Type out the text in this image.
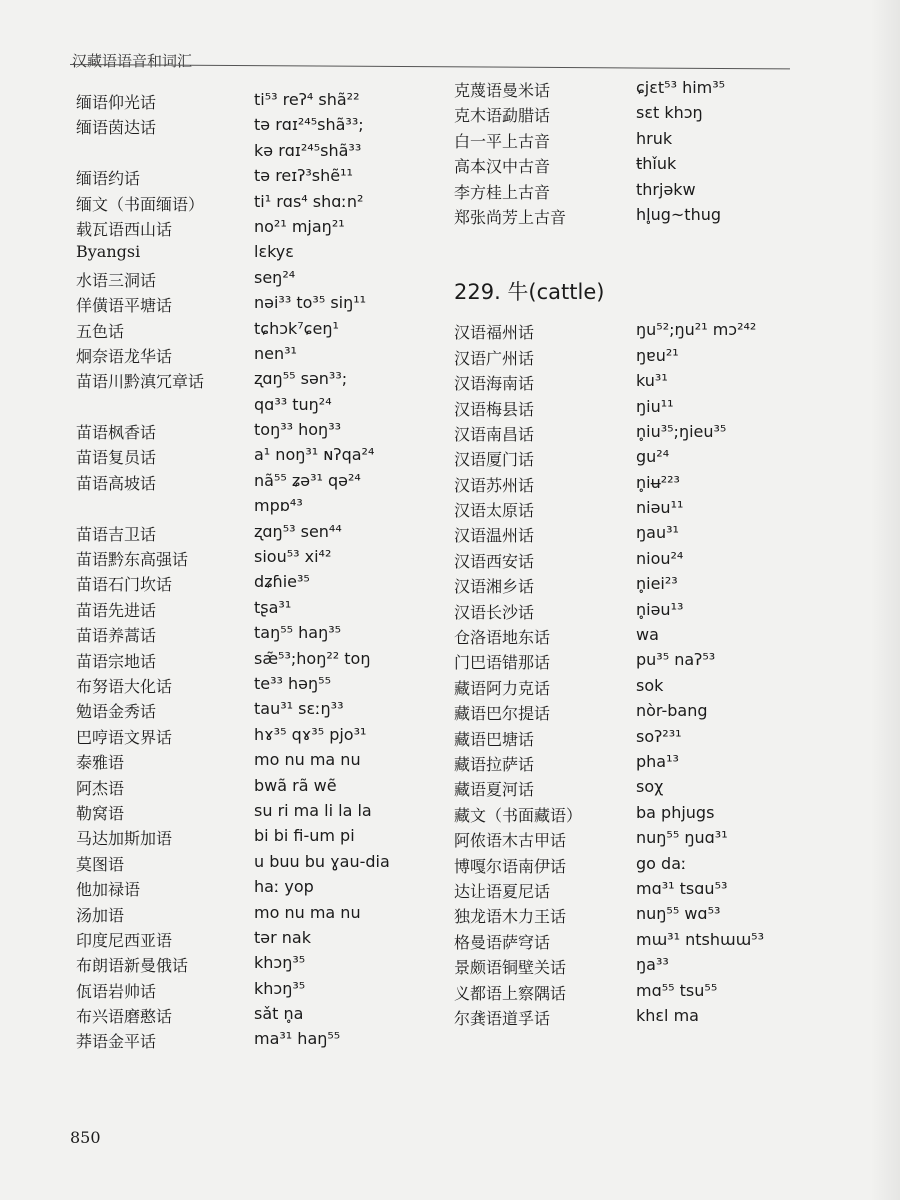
汉藏语语音和词汇
缅语仰光话	ti⁵³ reʔ⁴ shã²²
缅语茵达话	tə rɑɪ²⁴⁵shã³³;
kə rɑɪ²⁴⁵shã³³
缅语约话	tə reɪʔ³shẽ¹¹
缅文（书面缅语）	ti¹ rɑs⁴ shɑːn²
载瓦语西山话	no²¹ mjaŋ²¹
Byangsi	lɛkyɛ
水语三洞话	seŋ²⁴
佯僙语平塘话	nəi³³ to³⁵ siŋ¹¹
五色话	tɕhɔk⁷ɕeŋ¹
炯奈语龙华话	nen³¹
苗语川黔滇冗章话	ʐɑŋ⁵⁵ sən³³;
qɑ³³ tuŋ²⁴
苗语枫香话	toŋ³³ hoŋ³³
苗语复员话	a¹ noŋ³¹ ɴʔqa²⁴
苗语高坡话	nã⁵⁵ ʑə³¹ qə²⁴
mpɒ⁴³
苗语吉卫话	ʐɑŋ⁵³ sen⁴⁴
苗语黔东高强话	siou⁵³ xi⁴²
苗语石门坎话	dʑɦie³⁵
苗语先进话	tʂa³¹
苗语养蒿话	taŋ⁵⁵ haŋ³⁵
苗语宗地话	sæ̃⁵³;hoŋ²² toŋ
布努语大化话	te³³ həŋ⁵⁵
勉语金秀话	tau³¹ sɛːŋ³³
巴哼语文界话	hɤ³⁵ qɤ³⁵ pjo³¹
泰雅语	mo nu ma nu
阿杰语	bwã rã wẽ
勒窝语	su ri ma li la la
马达加斯加语	bi bi fi-um pi
莫图语	u buu bu ɣau-dia
他加禄语	haː yop
汤加语	mo nu ma nu
印度尼西亚语	tər nak
布朗语新曼俄话	khɔŋ³⁵
佤语岩帅话	khɔŋ³⁵
布兴语磨憨话	sǎt n̥a
莽语金平话	ma³¹ haŋ⁵⁵
克蔑语曼米话	ɕjɛt⁵³ him³⁵
克木语勐腊话	sɛt khɔŋ
白一平上古音	hruk
高本汉中古音	ŧhǐuk
李方桂上古音	thrjəkw
郑张尚芳上古音	hl̥ug~thug
229. 牛(cattle)
汉语福州话	ŋu⁵²;ŋu²¹ mɔ²⁴²
汉语广州话	ŋɐu²¹
汉语海南话	ku³¹
汉语梅县话	ŋiu¹¹
汉语南昌话	n̥iu³⁵;ŋieu³⁵
汉语厦门话	gu²⁴
汉语苏州话	n̥iʉ²²³
汉语太原话	niəu¹¹
汉语温州话	ŋau³¹
汉语西安话	niou²⁴
汉语湘乡话	n̥iei²³
汉语长沙话	n̥iəu¹³
仓洛语地东话	wa
门巴语错那话	pu³⁵ naʔ⁵³
藏语阿力克话	sok
藏语巴尔提话	nòr-bang
藏语巴塘话	soʔ²³¹
藏语拉萨话	pha¹³
藏语夏河话	soχ
藏文（书面藏语）	ba phjugs
阿侬语木古甲话	nuŋ⁵⁵ ŋuɑ³¹
博嘎尔语南伊话	go daː
达让语夏尼话	mɑ³¹ tsɑu⁵³
独龙语木力王话	nuŋ⁵⁵ wɑ⁵³
格曼语萨穹话	mɯ³¹ ntshɯɯ⁵³
景颇语铜壁关话	ŋa³³
义都语上察隅话	mɑ⁵⁵ tsu⁵⁵
尔龚语道孚话	khɛl ma
850
